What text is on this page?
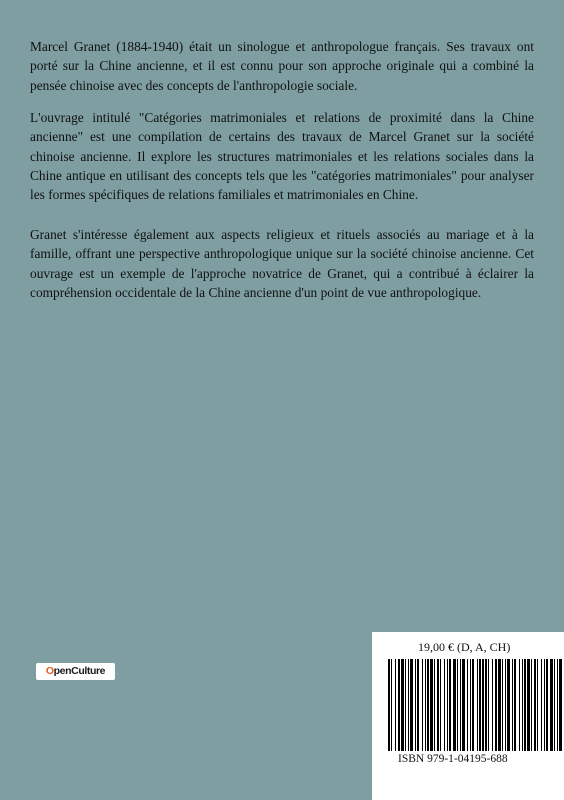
Marcel Granet (1884-1940) était un sinologue et anthropologue français. Ses travaux ont porté sur la Chine ancienne, et il est connu pour son approche originale qui a combiné la pensée chinoise avec des concepts de l'anthropologie sociale.
L'ouvrage intitulé "Catégories matrimoniales et relations de proximité dans la Chine ancienne" est une compilation de certains des travaux de Marcel Granet sur la société chinoise ancienne. Il explore les structures matrimoniales et les relations sociales dans la Chine antique en utilisant des concepts tels que les "catégories matrimoniales" pour analyser les formes spécifiques de relations familiales et matrimoniales en Chine.
Granet s'intéresse également aux aspects religieux et rituels associés au mariage et à la famille, offrant une perspective anthropologique unique sur la société chinoise ancienne. Cet ouvrage est un exemple de l'approche novatrice de Granet, qui a contribué à éclairer la compréhension occidentale de la Chine ancienne d'un point de vue anthropologique.
OpenCulture
19,00 € (D, A, CH)
ISBN 979-1-04195-688
